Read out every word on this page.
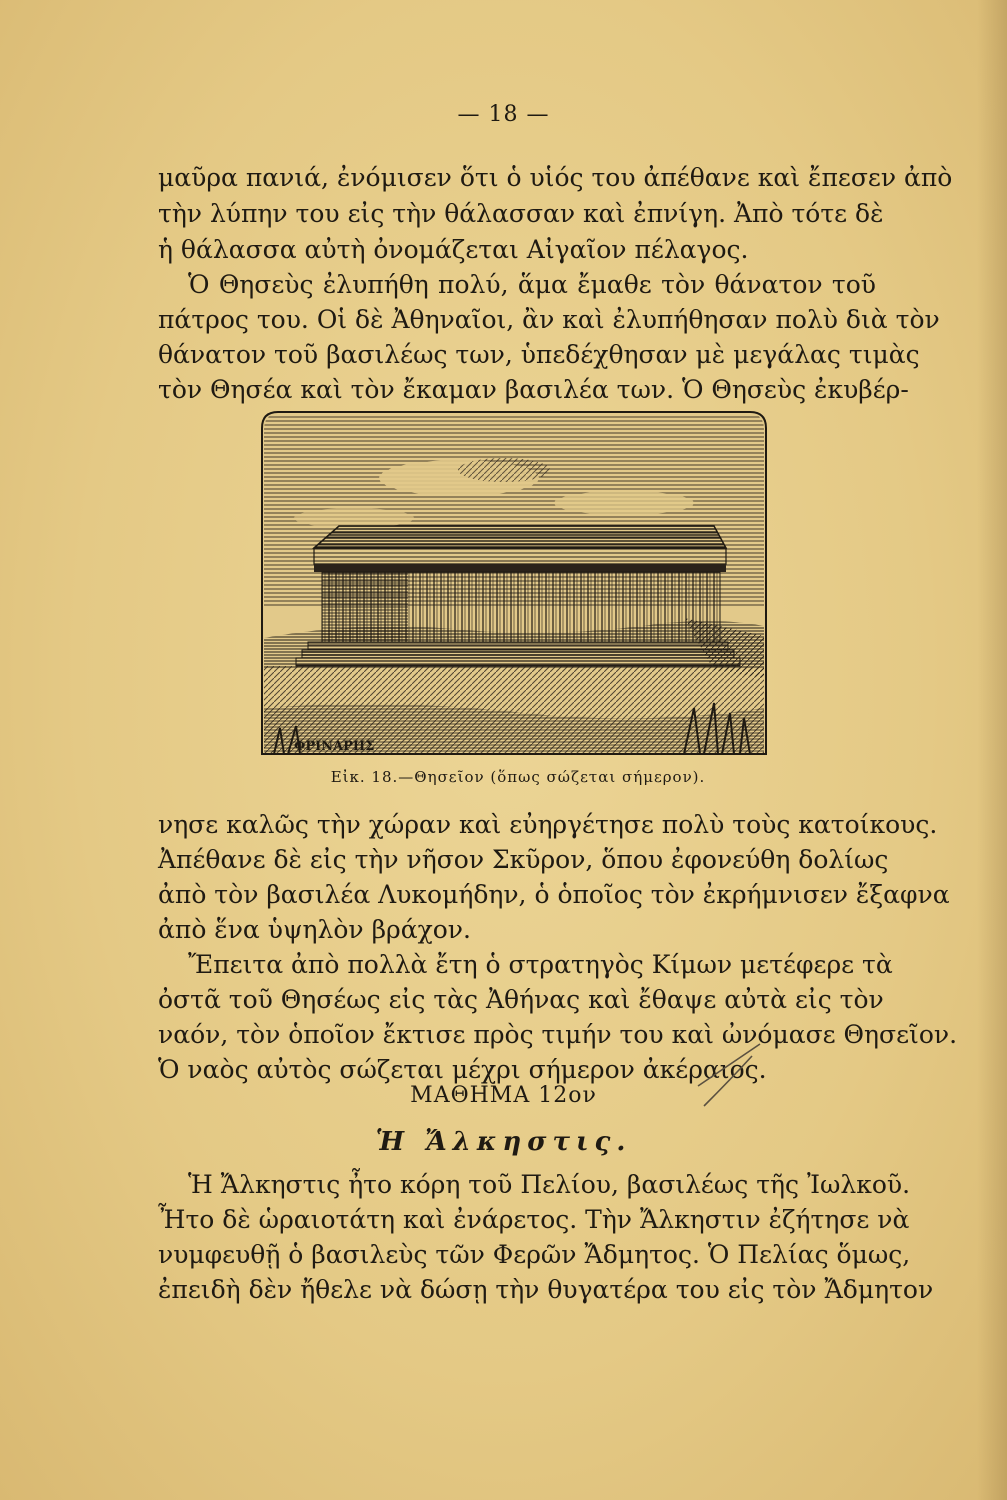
— 18 —
μαῦρα πανιά, ἐνόμισεν ὅτι ὁ υἱός του ἀπέθανε καὶ ἔπεσεν ἀπὸ
τὴν λύπην του εἰς τὴν θάλασσαν καὶ ἐπνίγη. Ἀπὸ τότε δὲ
ἡ θάλασσα αὐτὴ ὀνομάζεται Αἰγαῖον πέλαγος.
Ὁ Θησεὺς ἐλυπήθη πολύ, ἅμα ἔμαθε τὸν θάνατον τοῦ
πάτρος του. Οἱ δὲ Ἀθηναῖοι, ἂν καὶ ἐλυπήθησαν πολὺ διὰ τὸν
θάνατον τοῦ βασιλέως των, ὑπεδέχθησαν μὲ μεγάλας τιμὰς
τὸν Θησέα καὶ τὸν ἔκαμαν βασιλέα των. Ὁ Θησεὺς ἐκυβέρ-
ΦΡΙΝΑΡΗΣ
Εἰκ. 18.—Θησεῖον (ὅπως σώζεται σήμερον).
νησε καλῶς τὴν χώραν καὶ εὐηργέτησε πολὺ τοὺς κατοίκους.
Ἀπέθανε δὲ εἰς τὴν νῆσον Σκῦρον, ὅπου ἐφονεύθη δολίως
ἀπὸ τὸν βασιλέα Λυκομήδην, ὁ ὁποῖος τὸν ἐκρήμνισεν ἔξαφνα
ἀπὸ ἕνα ὑψηλὸν βράχον.
Ἔπειτα ἀπὸ πολλὰ ἔτη ὁ στρατηγὸς Κίμων μετέφερε τὰ
ὀστᾶ τοῦ Θησέως εἰς τὰς Ἀθήνας καὶ ἔθαψε αὐτὰ εἰς τὸν
ναόν, τὸν ὁποῖον ἔκτισε πρὸς τιμήν του καὶ ὠνόμασε Θησεῖον.
Ὁ ναὸς αὐτὸς σώζεται μέχρι σήμερον ἀκέραιος.
ΜΑΘΗΜΑ 12ον
Ἡ Ἄλκηστις.
Ἡ Ἄλκηστις ἦτο κόρη τοῦ Πελίου, βασιλέως τῆς Ἰωλκοῦ.
Ἦτο δὲ ὡραιοτάτη καὶ ἐνάρετος. Τὴν Ἄλκηστιν ἐζήτησε νὰ
νυμφευθῇ ὁ βασιλεὺς τῶν Φερῶν Ἄδμητος. Ὁ Πελίας ὅμως,
ἐπειδὴ δὲν ἤθελε νὰ δώσῃ τὴν θυγατέρα του εἰς τὸν Ἄδμητον
